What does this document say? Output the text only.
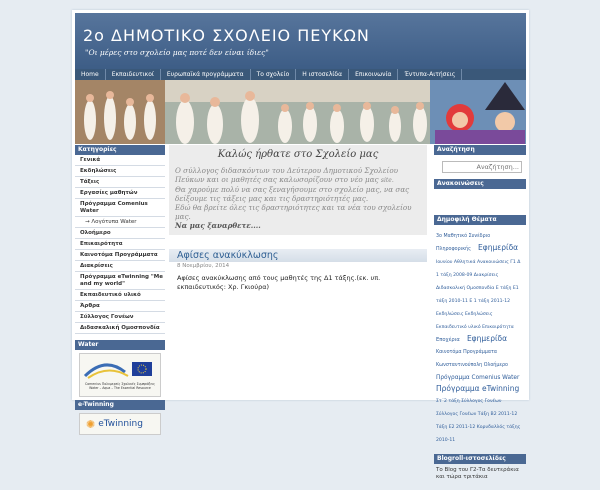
2ο ΔΗΜΟΤΙΚΟ ΣΧΟΛΕΙΟ ΠΕΥΚΩΝ
"Οι μέρες στο σχολείο μας ποτέ δεν είναι ίδιες"
Home	Εκπαιδευτικοί	Ευρωπαϊκά προγράμματα	Το σχολείο	Η ιστοσελίδα	Επικοινωνία	Έντυπα-Αιτήσεις
Κατηγορίες
Γενικά
Εκδηλώσεις
Τάξεις
Εργασίες μαθητών
Πρόγραμμα Comenius Water
→ Λογότυπα Water
Ολοήμερο
Επικαιρότητα
Καινοτόμα Προγράμματα
Διακρίσεις
Πρόγραμμα eTwinning "Me and my world"
Εκπαιδευτικό υλικό
Άρθρα
Σύλλογος Γονέων
Διδασκαλική Ομοσπονδία
Water
Comenius Πολυμερείς Σχολικές Συμπράξεις Water – Aqua – The Essential Resource
e-Twinning
✺ eTwinning
Καλώς ήρθατε στο Σχολείο μας

Ο σύλλογος διδασκόντων του Δεύτερου Δημοτικού Σχολείου Πεύκων και οι μαθητές σας καλωσορίζουν στο νέο μας site.

Θα χαρούμε πολύ να σας ξεναγήσουμε στο σχολείο μας, να σας δείξουμε τις τάξεις μας και τις δραστηριότητές μας.

Εδώ θα βρείτε όλες τις δραστηριότητες και τα νέα του σχολείου μας.

Να μας ξαναρθετε....

Αφίσες ανακύκλωσης
8 Νοεμβρίου, 2014
Αφίσες ανακύκλωσης από τους μαθητές της Δ1 τάξης.(εκ. υπ. εκπαιδευτικός: Χρ. Γκιούρα)
Αναζήτηση
Αναζήτηση...
Ανακοινώσεις
Δημοφιλή Θέματα
3ο Μαθητικό Συνέδριο Πληροφορικής Εφημερίδα Ιουνίου Αθλητικά Ανακοινώσεις Γ1 Δ 1 τάξη 2008-09 Διακρίσεις Διδασκαλική Ομοσπονδία Ε τάξη Ε1 τάξη 2010-11 Ε 1 τάξη 2011-12 Εκδηλώσεις Εκδηλώσεις Εκπαιδευτικό υλικό Επικαιρότητα Εποχέρια Εφημερίδα Καινοτόμα Προγράμματα Κωνσταντινούπολη Ολοήμερο Πρόγραμμα Comenius Water Πρόγραμμα eTwinning Στ΄2 τάξη Σύλλογος Γονέων Σύλλογος Γονέων Τάξη Β2 2011-12 Τάξη Ε2 2011-12 Κορυδαλλός τάξης 2010-11
Blogroll-ιστοσελίδες
Το Blog του Γ2-Τα δευτεράκια και τώρα τριτάκια
